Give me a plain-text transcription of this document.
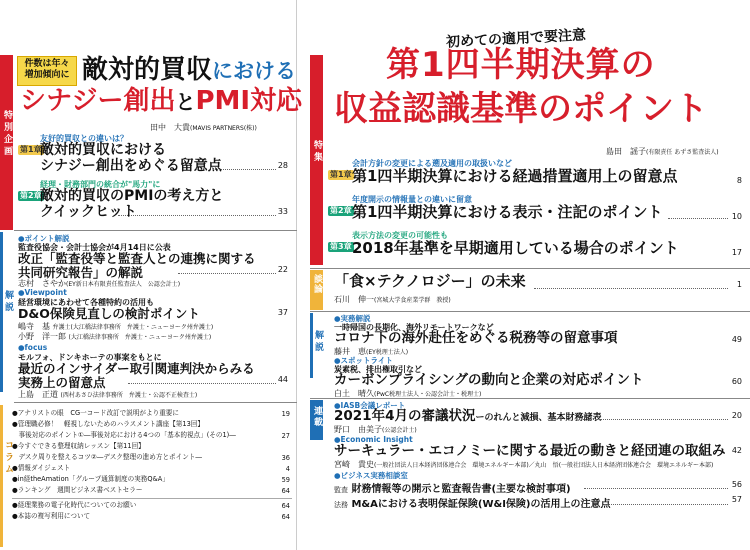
特別企画
件数は年々
増加傾向に 敵対的買収における
シナジー創出とPMI対応
田中　大貴(MAVIS PARTNERS(株))
第1章
友好的買収との違いは？
敵対的買収における
シナジー創出をめぐる留意点	28
第2章
経理・財務部門の統合が"馬力"に
敵対的買収のPMIの考え方と
クイックヒット	33
解説
●ポイント解説
監査役協会・会計士協会が4月14日に公表
改正「監査役等と監査人との連携に関する
共同研究報告」の解説
志村　さやか(EY新日本有限責任監査法人　公認会計士)
22
●Viewpoint
経営環境にあわせて各種特約の活用も
D&O保険見直しの検討ポイント
嶋寺　基 弁護士(大江橋法律事務所　弁護士・ニューヨーク州弁護士)
小野　洋一郎 (大江橋法律事務所　弁護士・ニューヨーク州弁護士)
37
●focus
モルフォ、ドンキホーテの事案をもとに
最近のインサイダー取引関連判決からみる
実務上の留意点
上島　正道 (西村あさひ法律事務所　弁護士・公認不正検査士)
44
コラム
●アナリストの眼　CG一コード改訂で説明がより重要に	19
●管理職必修！　軽視しないためのハラスメント講座【第13回】
　事後対応のポイント①―事後対応における4つの「基本的視点」(その1)―	27
●今すぐできる整理収納レッスン【第11回】
　デスク周りを整えるコツ②―デスク整理の進め方とポイント―	36
●情報ダイジェスト	4
●in経theAmation「グループ通算制度の実務Q&A」	59
●ランキング　週間ビジネス書ベストセラー	64
●経理業務の電子化時代についてのお願い	64
●本誌の複写利用について	64
特集
初めての適用で要注意
第1四半期決算の
収益認識基準のポイント
島田　謡子(有限責任 あずさ監査法人)
第1章
会計方針の変更による遡及適用の取扱いなど
第1四半期決算における経過措置適用上の留意点	8
第2章
年度開示の情報量との違いに留意
第1四半期決算における表示・注記のポイント	10
第3章
表示方法の変更の可能性も
2018年基準を早期適用している場合のポイント	17
談論 「食×テクノロジー」の未来
石川　伸一(宮城大学食産業学群　教授)
1
解説
●実務解説
一時帰国の長期化、海外リモートワークなど
コロナ下の海外赴任をめぐる税務等の留意事項
藤井　恵(EY税理士法人)
49
●スポットライト
炭素税、排出権取引など
カーボンプライシングの動向と企業の対応ポイント
白土　晴久(PwC税理士法人・公認会計士・税理士)
60
連載
●IASB会議レポート
2021年4月の審議状況ーのれんと減損、基本財務諸表
野口　由美子(公認会計士)
20
●Economic Insight
サーキュラー・エコノミーに関する最近の動きと経団連の取組み
宮崎　貴史(一般社団法人日本経済団体連合会　環境エネルギー本部)／丸山　悟(一般社団法人日本経済団体連合会　環境エネルギー本部)
42
●ビジネス実務相談室
監査 財務情報等の開示と監査報告書(主要な検討事項)	56
法務 M&Aにおける表明保証保険(W&I保険)の活用上の注意点	57
